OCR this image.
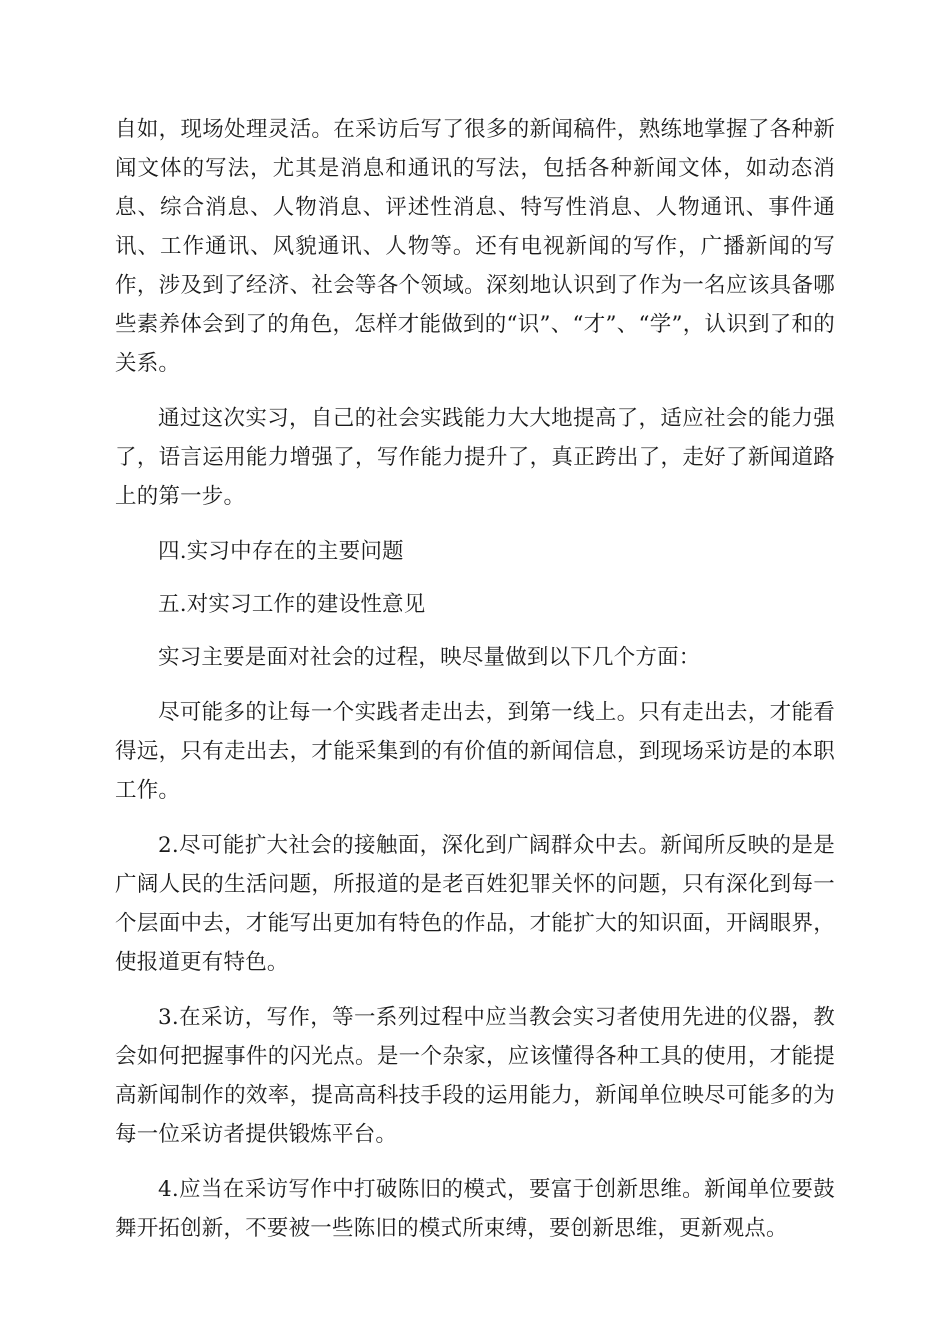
自如，现场处理灵活。在采访后写了很多的新闻稿件，熟练地掌握了各种新闻文体的写法，尤其是消息和通讯的写法，包括各种新闻文体，如动态消息、综合消息、人物消息、评述性消息、特写性消息、人物通讯、事件通讯、工作通讯、风貌通讯、人物等。还有电视新闻的写作，广播新闻的写作，涉及到了经济、社会等各个领域。深刻地认识到了作为一名应该具备哪些素养体会到了的角色，怎样才能做到的“识”、“才”、“学”，认识到了和的关系。

通过这次实习，自己的社会实践能力大大地提高了，适应社会的能力强了，语言运用能力增强了，写作能力提升了，真正跨出了，走好了新闻道路上的第一步。

四.实习中存在的主要问题

五.对实习工作的建设性意见

实习主要是面对社会的过程，映尽量做到以下几个方面：

尽可能多的让每一个实践者走出去，到第一线上。只有走出去，才能看得远，只有走出去，才能采集到的有价值的新闻信息，到现场采访是的本职工作。

2.尽可能扩大社会的接触面，深化到广阔群众中去。新闻所反映的是是广阔人民的生活问题，所报道的是老百姓犯罪关怀的问题，只有深化到每一个层面中去，才能写出更加有特色的作品，才能扩大的知识面，开阔眼界，使报道更有特色。

3.在采访，写作，等一系列过程中应当教会实习者使用先进的仪器，教会如何把握事件的闪光点。是一个杂家，应该懂得各种工具的使用，才能提高新闻制作的效率，提高高科技手段的运用能力，新闻单位映尽可能多的为每一位采访者提供锻炼平台。

4.应当在采访写作中打破陈旧的模式，要富于创新思维。新闻单位要鼓舞开拓创新，不要被一些陈旧的模式所束缚，要创新思维，更新观点。
